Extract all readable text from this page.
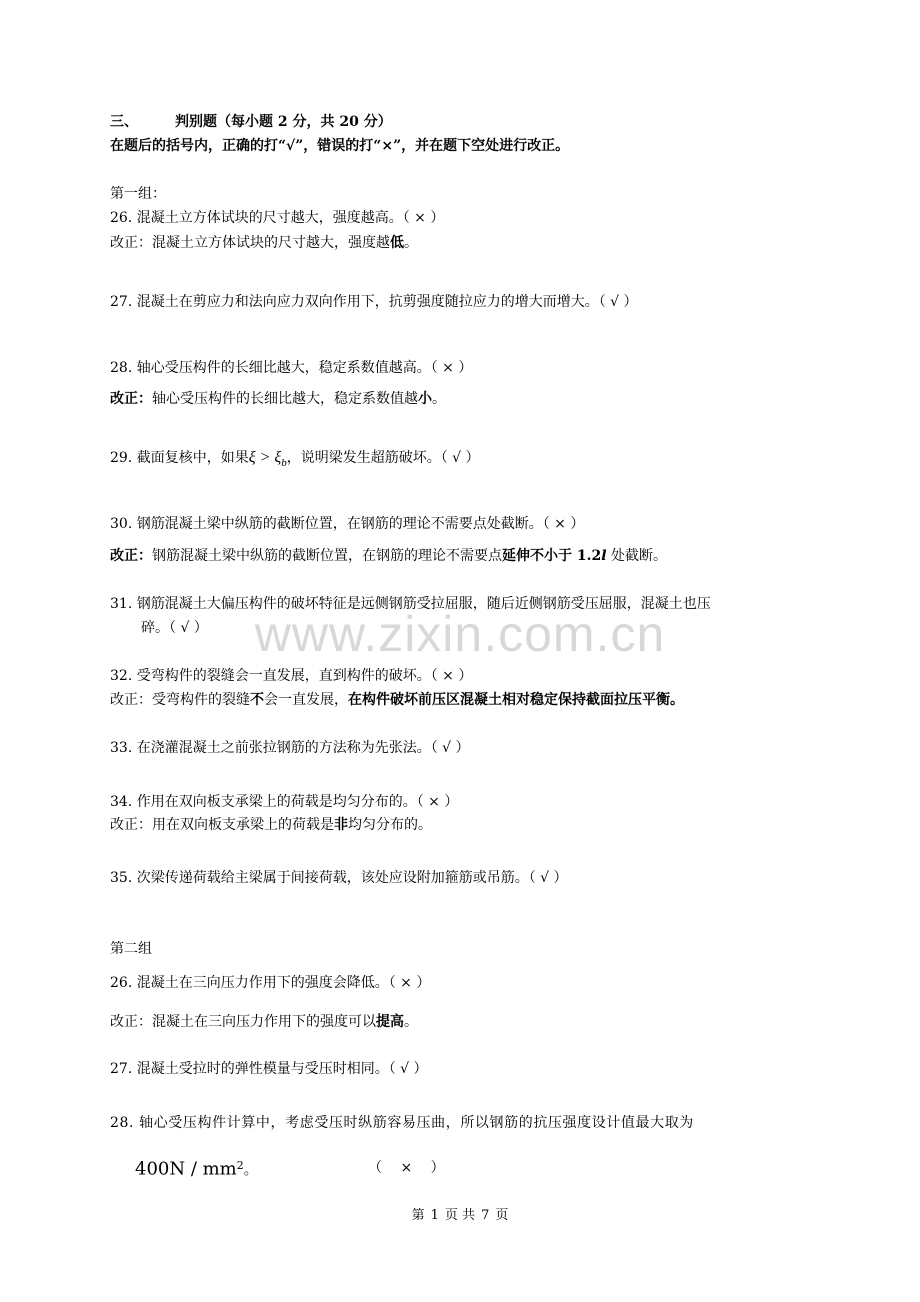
三、	判别题（每小题 2 分，共 20 分）
在题后的括号内，正确的打“√”，错误的打“×”，并在题下空处进行改正。
第一组：
26. 混凝土立方体试块的尺寸越大，强度越高。（ × ）
改正：混凝土立方体试块的尺寸越大，强度越低。
27. 混凝土在剪应力和法向应力双向作用下，抗剪强度随拉应力的增大而增大。（ √ ）
28. 轴心受压构件的长细比越大，稳定系数值越高。（ × ）
改正：轴心受压构件的长细比越大，稳定系数值越小。
29. 截面复核中，如果$\xi > \xi_b$，说明梁发生超筋破坏。（ √ ）
30. 钢筋混凝土梁中纵筋的截断位置，在钢筋的理论不需要点处截断。（ × ）
改正：钢筋混凝土梁中纵筋的截断位置，在钢筋的理论不需要点延伸不小于 1.2l 处截断。
31. 钢筋混凝土大偏压构件的破坏特征是远侧钢筋受拉屈服，随后近侧钢筋受压屈服，混凝土也压
碎。（ √ ）
32. 受弯构件的裂缝会一直发展，直到构件的破坏。（ × ）
改正：受弯构件的裂缝不会一直发展，在构件破坏前压区混凝土相对稳定保持截面拉压平衡。
33. 在浇灌混凝土之前张拉钢筋的方法称为先张法。（ √ ）
34. 作用在双向板支承梁上的荷载是均匀分布的。（ × ）
改正：用在双向板支承梁上的荷载是非均匀分布的。
35. 次梁传递荷载给主梁属于间接荷载，该处应设附加箍筋或吊筋。（ √ ）
www.zixin.com.cn
第二组
26. 混凝土在三向压力作用下的强度会降低。（ × ）
改正：混凝土在三向压力作用下的强度可以提高。
27. 混凝土受拉时的弹性模量与受压时相同。（ √ ）
28. 轴心受压构件计算中，考虑受压时纵筋容易压曲，所以钢筋的抗压强度设计值最大取为
$400N / mm^2$。	（ × ）
第 1 页 共 7 页
